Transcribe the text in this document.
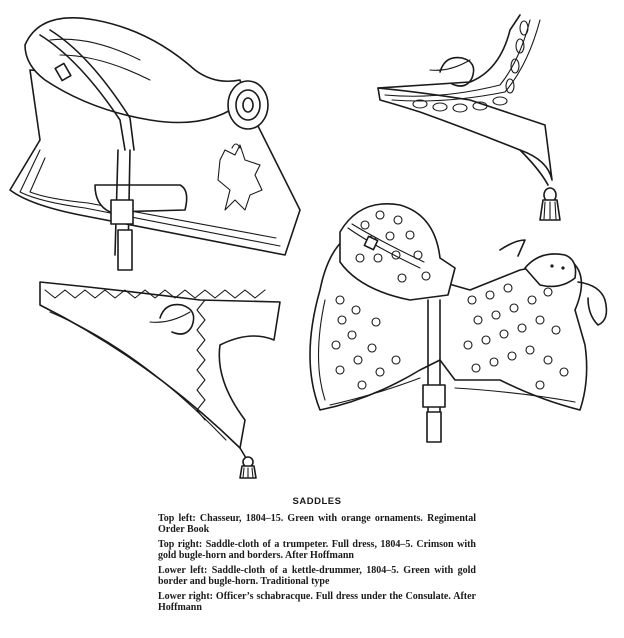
SADDLES
Top left: Chasseur, 1804–15. Green with orange ornaments. Regimental Order Book
Top right: Saddle-cloth of a trumpeter. Full dress, 1804–5. Crimson with gold bugle-horn and borders. After Hoffmann
Lower left: Saddle-cloth of a kettle-drummer, 1804–5. Green with gold border and bugle-horn. Traditional type
Lower right: Officer’s schabracque. Full dress under the Consulate. After Hoffmann
